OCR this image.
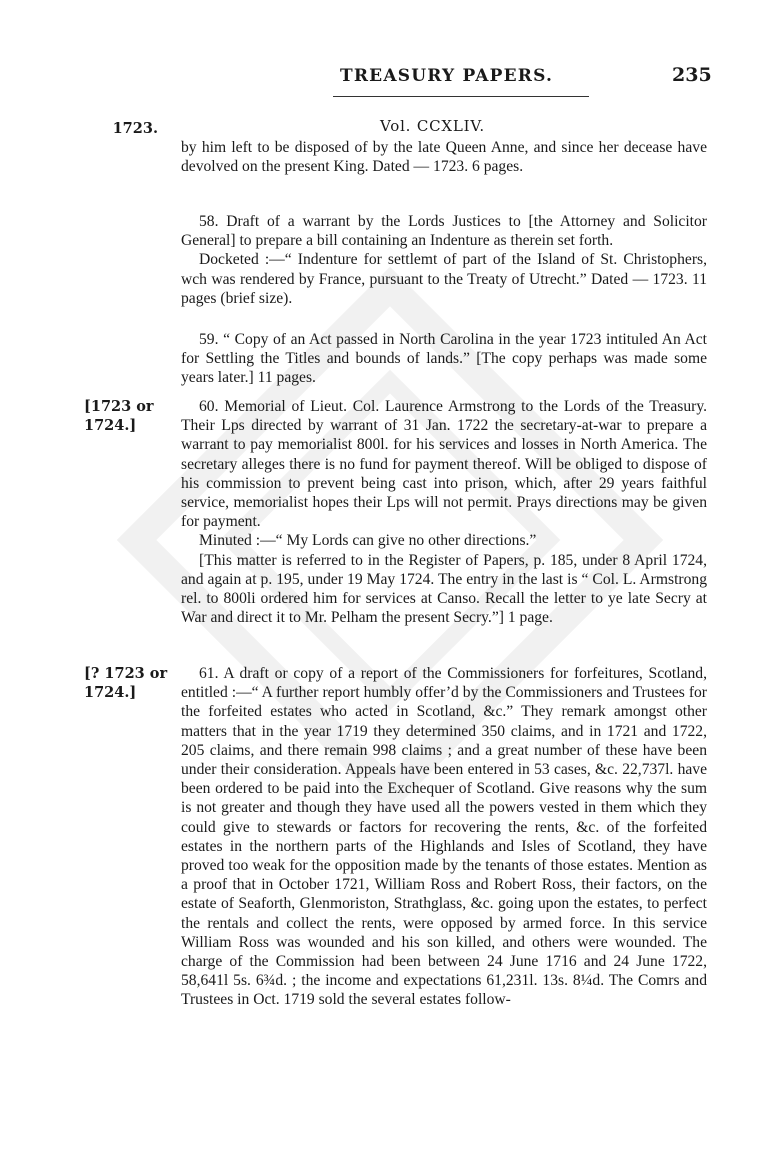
TREASURY PAPERS.	235
1723.	Vol. CCXLIV.

by him left to be disposed of by the late Queen Anne, and since her decease have devolved on the present King. Dated — 1723. 6 pages.

58. Draft of a warrant by the Lords Justices to [the Attorney and Solicitor General] to prepare a bill containing an Indenture as therein set forth.

Docketed :—“ Indenture for settlemt of part of the Island of St. Christophers, wch was rendered by France, pursuant to the Treaty of Utrecht.” Dated — 1723. 11 pages (brief size).

59. “ Copy of an Act passed in North Carolina in the year 1723 intituled An Act for Settling the Titles and bounds of lands.” [The copy perhaps was made some years later.] 11 pages.

[1723 or 1724.]

60. Memorial of Lieut. Col. Laurence Armstrong to the Lords of the Treasury. Their Lps directed by warrant of 31 Jan. 1722 the secretary-at-war to prepare a warrant to pay memorialist 800l. for his services and losses in North America. The secretary alleges there is no fund for payment thereof. Will be obliged to dispose of his commission to prevent being cast into prison, which, after 29 years faithful service, memorialist hopes their Lps will not permit. Prays directions may be given for payment.

Minuted :—“ My Lords can give no other directions.”

[This matter is referred to in the Register of Papers, p. 185, under 8 April 1724, and again at p. 195, under 19 May 1724. The entry in the last is “ Col. L. Armstrong rel. to 800li ordered him for services at Canso. Recall the letter to ye late Secry at War and direct it to Mr. Pelham the present Secry.”] 1 page.

[? 1723 or 1724.]

61. A draft or copy of a report of the Commissioners for forfeitures, Scotland, entitled :—“ A further report humbly offer’d by the Commissioners and Trustees for the forfeited estates who acted in Scotland, &c.” They remark amongst other matters that in the year 1719 they determined 350 claims, and in 1721 and 1722, 205 claims, and there remain 998 claims ; and a great number of these have been under their consideration. Appeals have been entered in 53 cases, &c. 22,737l. have been ordered to be paid into the Exchequer of Scotland. Give reasons why the sum is not greater and though they have used all the powers vested in them which they could give to stewards or factors for recovering the rents, &c. of the forfeited estates in the northern parts of the Highlands and Isles of Scotland, they have proved too weak for the opposition made by the tenants of those estates. Mention as a proof that in October 1721, William Ross and Robert Ross, their factors, on the estate of Seaforth, Glenmoriston, Strathglass, &c. going upon the estates, to perfect the rentals and collect the rents, were opposed by armed force. In this service William Ross was wounded and his son killed, and others were wounded. The charge of the Commission had been between 24 June 1716 and 24 June 1722, 58,641l 5s. 6¾d. ; the income and expectations 61,231l. 13s. 8¼d. The Comrs and Trustees in Oct. 1719 sold the several estates follow-
